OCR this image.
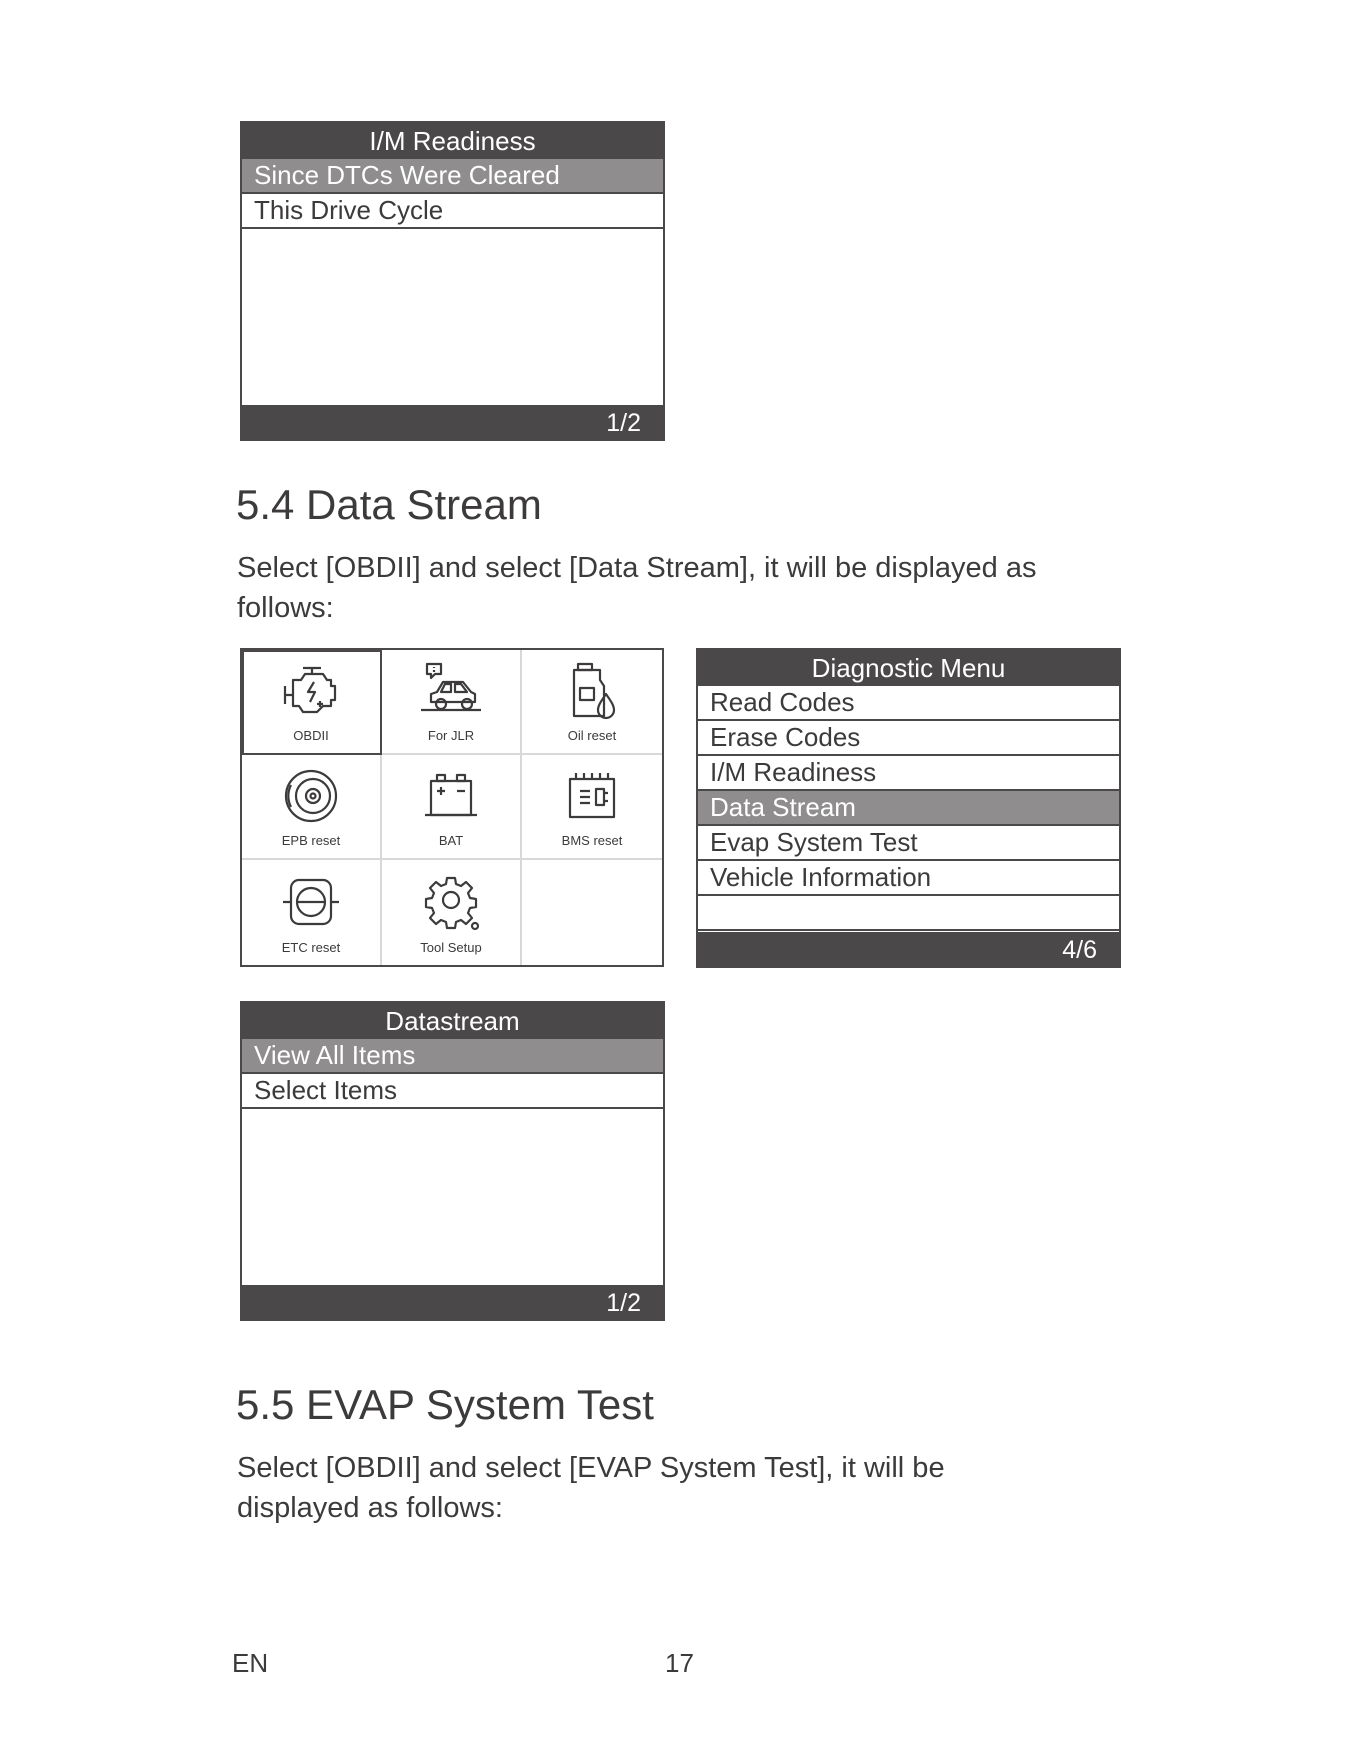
I/M Readiness
Since DTCs Were Cleared
This Drive Cycle
1/2
5.4 Data Stream
Select [OBDII] and select [Data Stream], it will be displayed as follows:
OBDII	For JLR	Oil reset
EPB reset	BAT	BMS reset
ETC reset	Tool Setup
Diagnostic Menu
Read Codes
Erase Codes
I/M Readiness
Data Stream
Evap System Test
Vehicle Information
4/6
Datastream
View All Items
Select Items
1/2
5.5 EVAP System Test
Select [OBDII] and select [EVAP System Test], it will be displayed as follows:
EN	17
